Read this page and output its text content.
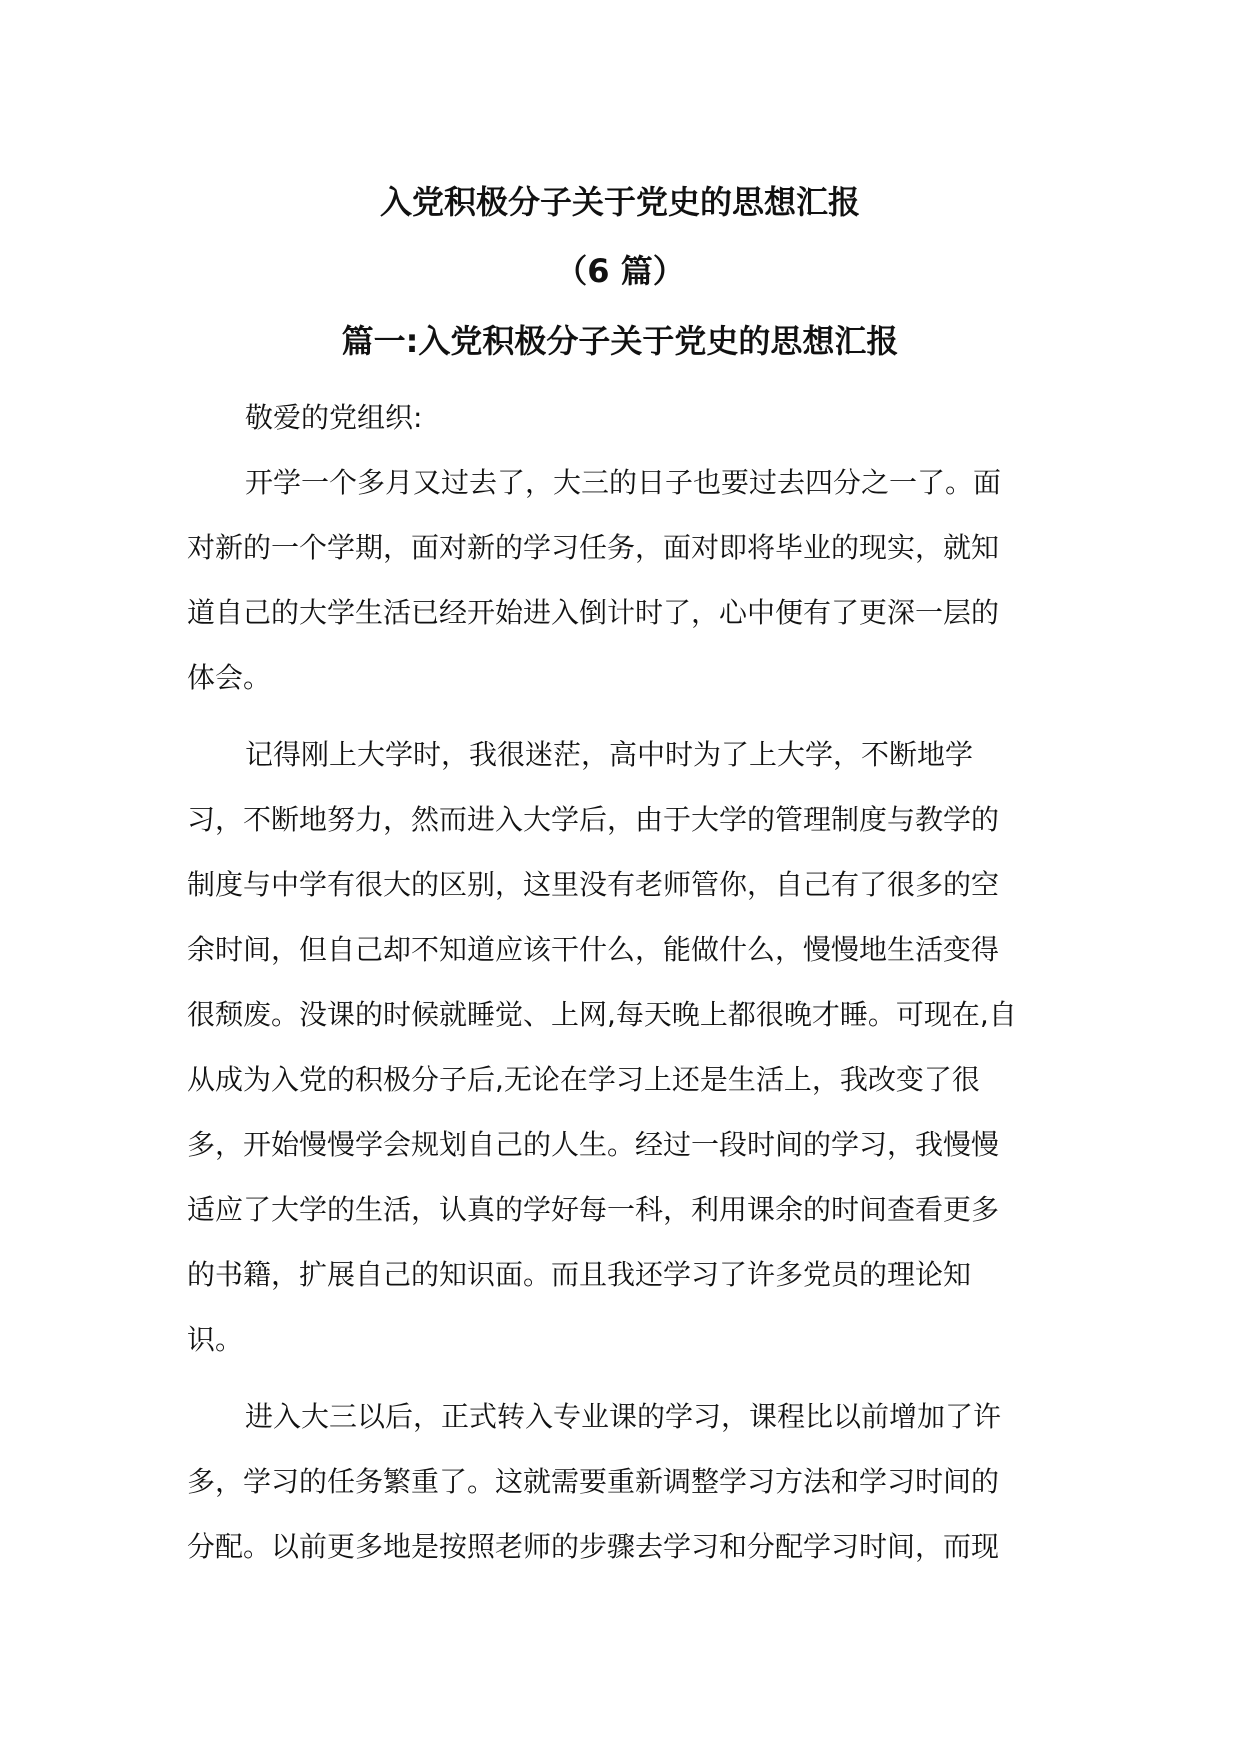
入党积极分子关于党史的思想汇报
（6 篇）
篇一:入党积极分子关于党史的思想汇报

敬爱的党组织:

开学一个多月又过去了，大三的日子也要过去四分之一了。面

对新的一个学期，面对新的学习任务，面对即将毕业的现实，就知

道自己的大学生活已经开始进入倒计时了，心中便有了更深一层的

体会。

记得刚上大学时，我很迷茫，高中时为了上大学，不断地学

习，不断地努力，然而进入大学后，由于大学的管理制度与教学的

制度与中学有很大的区别，这里没有老师管你，自己有了很多的空

余时间，但自己却不知道应该干什么，能做什么，慢慢地生活变得

很颓废。没课的时候就睡觉、上网,每天晚上都很晚才睡。可现在,自

从成为入党的积极分子后,无论在学习上还是生活上，我改变了很

多，开始慢慢学会规划自己的人生。经过一段时间的学习，我慢慢

适应了大学的生活，认真的学好每一科，利用课余的时间查看更多

的书籍，扩展自己的知识面。而且我还学习了许多党员的理论知

识。

进入大三以后，正式转入专业课的学习，课程比以前增加了许

多，学习的任务繁重了。这就需要重新调整学习方法和学习时间的

分配。以前更多地是按照老师的步骤去学习和分配学习时间，而现
